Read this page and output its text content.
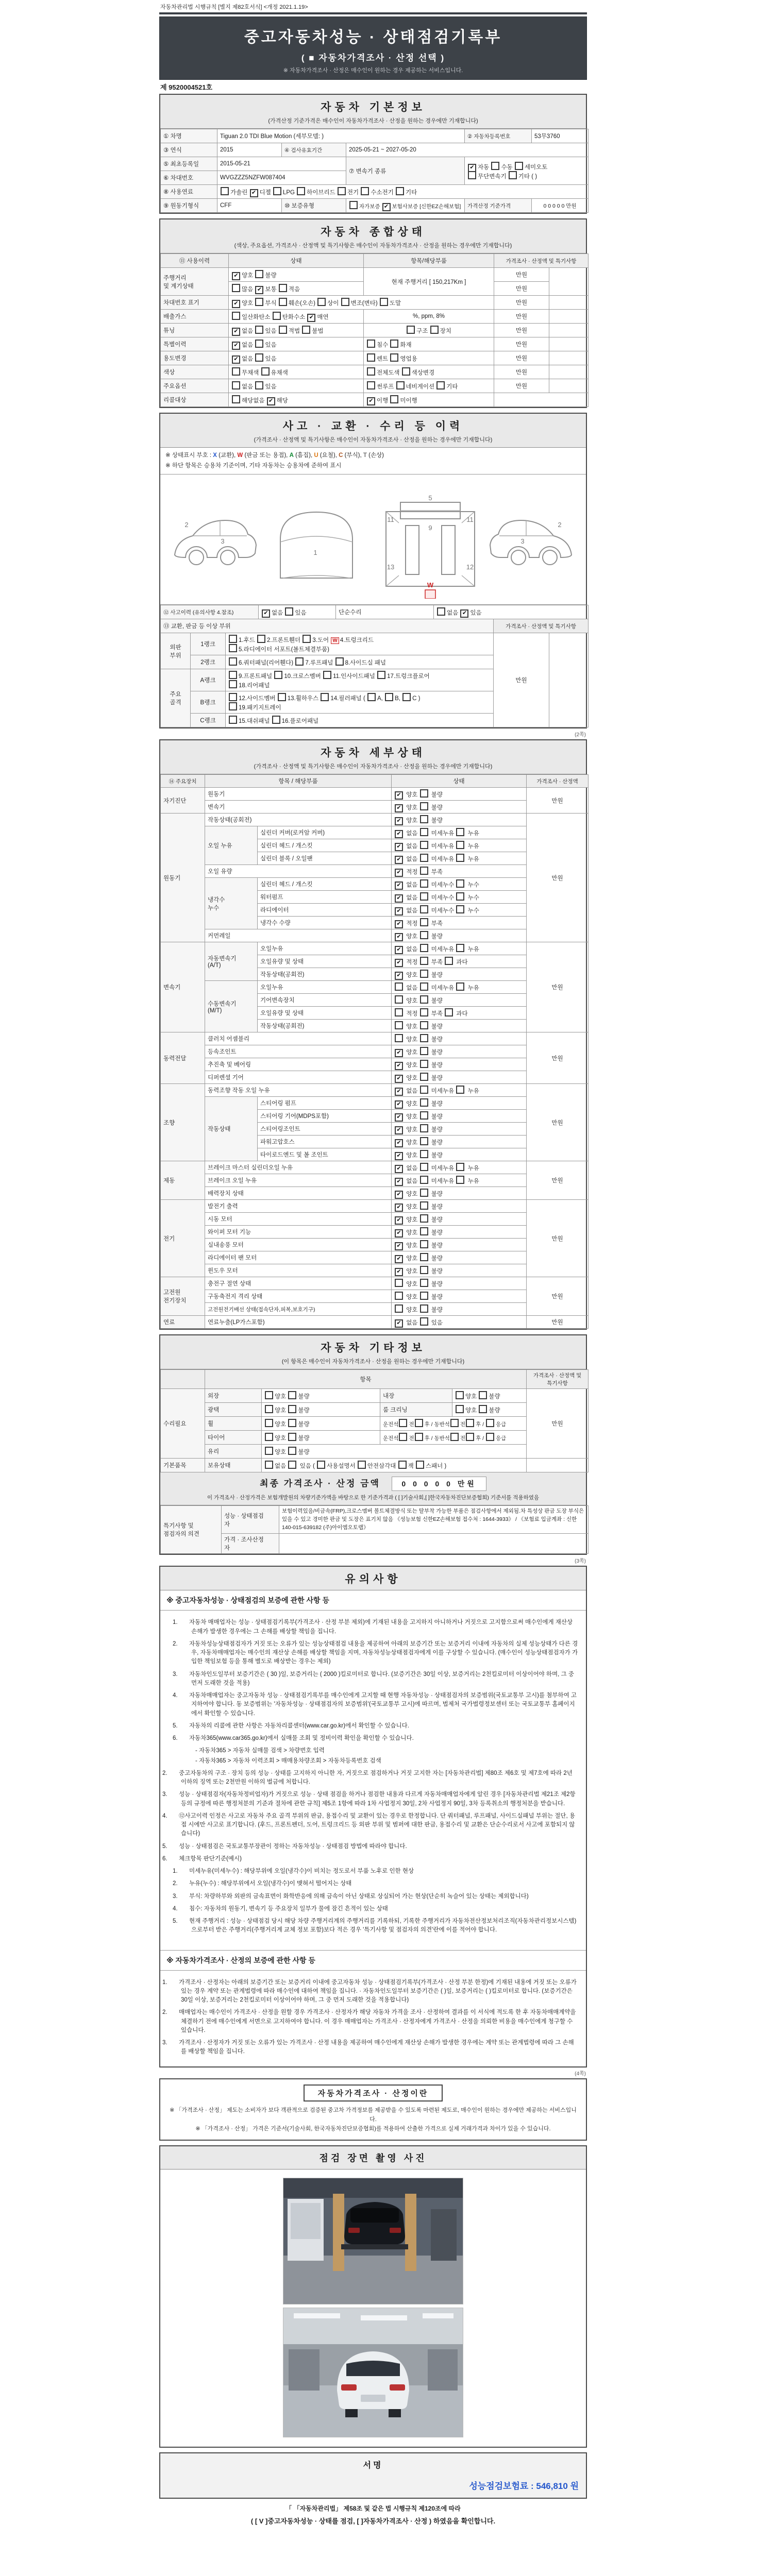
자동차관리법 시행규칙 [별지 제82호서식] <개정 2021.1.19>
중고자동차성능 · 상태점검기록부
( ■ 자동차가격조사 · 산정 선택 )
※ 자동차가격조사 · 산정은 매수인이 원하는 경우 제공하는 서비스입니다.
제 9520004521호
자동차 기본정보
(가격산정 기준가격은 매수인이 자동차가격조사 · 산정을 원하는 경우에만 기재합니다)
① 차명	Tiguan 2.0 TDI Blue Motion (세부모델: )			② 자동차등록번호	53무3760
③ 연식	2015	④ 검사유효기간	2025-05-21 ~ 2027-05-20		
⑤ 최초등록일	2015-05-21		⑦ 변속기 종류	✔ 자동 수동 세미오토
무단변속기 기타 ( )	
⑥ 차대번호	WVGZZZ5NZFW087404				
⑧ 사용연료	가솔린 ✔ 디젤 LPG 하이브리드 전기 수소전기 기타				
⑨ 원동기형식	CFF	⑩ 보증유형	자가보증 ✔ 보험사보증 [신한EZ손해보험]	가격산정 기준가격	0 0 0 0 0 만원
자동차 종합상태
(색상, 주요옵션, 가격조사 · 산정액 및 특기사항은 매수인이 자동차가격조사 · 산정을 원하는 경우에만 기재합니다)
⑪ 사용이력	상태	항목/해당부품	가격조사 · 산정액 및 특기사항	
주행거리
및 계기상태	✔ 양호 불량	현재 주행거리 [ 150,217Km ]	만원	
	많음 ✔ 보통 적음		만원	
차대번호 표기	✔ 양호 부식 훼손(오손) 상이 변조(변타) 도말		만원	
배출가스	일산화탄소 탄화수소 ✔ 매연	%, ppm, 8%	만원	
튜닝	✔ 없음 있음 적법 불법	구조 장치	만원	
특별이력	✔ 없음 있음	침수 화재	만원	
용도변경	✔ 없음 있음	렌트 영업용	만원	
색상	무채색 유채색	전체도색 색상변경	만원	
주요옵션	없음 있음	썬루프 네비게이션 기타	만원	
리콜대상	해당없음 ✔ 해당	✔ 이행 미이행		
사고 · 교환 · 수리 등 이력
(가격조사 · 산정액 및 특기사항은 매수인이 자동차가격조사 · 산정을 원하는 경우에만 기재합니다)
※ 상태표시 부호 : X (교환), W (판금 또는 용접), A (흠집), U (요철), C (부식), T (손상)
※ 하단 항목은 승용차 기준이며, 기타 자동차는 승용차에 준하여 표시
2
3
1
5
9
11	11
13	12
W
2
3
⑫ 사고이력 (유의사항 4.참조)	✔ 없음 있음	단순수리	없음 ✔ 있음
⑬ 교환, 판금 등 이상 부위			가격조사 · 산정액 및 특기사항	
외판
부위	1랭크	1.후드 2.프론트휀더 3.도어 W 4.트렁크리드
5.라디에이터 서포트(볼트체결부품)	만원	
	2랭크	6.쿼터패널(리어휀다) 7.루프패널 8.사이드실 패널		
주요
골격	A랭크	9.프론트패널 10.크로스멤버 11.인사이드패널 17.트렁크플로어
18.리어패널		
	B랭크	12.사이드멤버 13.휠하우스 14.필러패널 ( A, B, C )
19.패키지트레이		
	C랭크	15.대쉬패널 16.플로어패널		
(2쪽)
자동차 세부상태
(가격조사 · 산정액 및 특기사항은 매수인이 자동차가격조사 · 산정을 원하는 경우에만 기재합니다)
⑭ 주요장치	항목 / 해당부품		상태	가격조사 · 산정액
자기진단	원동기		✔ 양호  불량	만원
	변속기		✔ 양호  불량	
원동기	작동상태(공회전)		✔ 양호  불량	만원
	오일 누유	실린더 커버(로커암 커버)	✔ 없음  미세누유  누유	
		실린더 헤드 / 개스킷	✔ 없음  미세누유  누유	
		실린더 블록 / 오일팬	✔ 없음  미세누유  누유	
	오일 유량		✔ 적정  부족	
	냉각수
누수	실린더 헤드 / 개스킷	✔ 없음  미세누수  누수	
		워터펌프	✔ 없음  미세누수  누수	
		라디에이터	✔ 없음  미세누수  누수	
		냉각수 수량	✔ 적정  부족	
	커먼레일		✔ 양호  불량	
변속기	자동변속기
(A/T)	오일누유	✔ 없음  미세누유  누유	만원
		오일유량 및 상태	✔ 적정  부족  과다	
		작동상태(공회전)	✔ 양호  불량	
	수동변속기
(M/T)	오일누유	없음  미세누유  누유	
		기어변속장치	양호  불량	
		오일유량 및 상태	적정  부족  과다	
		작동상태(공회전)	양호  불량	
동력전달	클러치 어셈블리		양호  불량	만원
	등속조인트		✔ 양호  불량	
	추진축 및 베어링		✔ 양호  불량	
	디퍼렌셜 기어		✔ 양호  불량	
조향	동력조향 작동 오일 누유		✔ 없음  미세누유  누유	만원
	작동상태	스티어링 펌프	✔ 양호  불량	
		스티어링 기어(MDPS포함)	✔ 양호  불량	
		스티어링조인트	✔ 양호  불량	
		파워고압호스	✔ 양호  불량	
		타이로드엔드 및 볼 조인트	✔ 양호  불량	
제동	브레이크 마스터 실린더오일 누유		✔ 없음  미세누유  누유	만원
	브레이크 오일 누유		✔ 없음  미세누유  누유	
	배력장치 상태		✔ 양호  불량	
전기	발전기 출력		✔ 양호  불량	만원
	시동 모터		✔ 양호  불량	
	와이퍼 모터 기능		✔ 양호  불량	
	실내송풍 모터		✔ 양호  불량	
	라디에이터 팬 모터		✔ 양호  불량	
	윈도우 모터		✔ 양호  불량	
고전원
전기장치	충전구 절연 상태		양호  불량	만원
	구동축전지 격리 상태		양호  불량	
	고전원전기배선 상태(접속단자,피복,보호기구)		양호  불량	
연료	연료누출(LP가스포함)		✔ 없음  있음	만원
자동차 기타정보
(이 항목은 매수인이 자동차가격조사 · 산정을 원하는 경우에만 기재합니다)
	항목				가격조사 · 산정액 및 특기사항
수리필요	외장	양호 불량	내장	양호 불량	만원
	광택	양호 불량	룸 크리닝	양호 불량	
	휠	양호 불량	운전석 전 후 / 동반석 전 후 / 응급		
	타이어	양호 불량	운전석 전 후 / 동반석 전 후 / 응급		
	유리	양호 불량			
기본품목	보유상태	없음  있음 ( 사용설명서 안전삼각대 잭 스패너 )			
최종 가격조사 · 산정 금액	0 0 0 0 0 만원
이 가격조사 · 산정가격은 보험개발원의 차량기준가액을 바탕으로 한 기준가격과 ( [ ]기술사회,[ ]한국자동차진단보증협회) 기준서를 적용하였음
특기사항 및
점검자의 의견	성능 · 상태점검
자	보험이력있음/비금속(FRP),크로스멤버 볼트체결방식 또는 탈부착 가능한 부품은 점검사항에서 제외됨.차 특성상 판금 도장 부식은 있을 수 있고 경미한 판금 및 도장은 표기치 않음 《성능보험 신한EZ손해보험 접수처 : 1644-3933》 / 《보험료 입금계좌 : 신한 140-015-639182 (주)아이엠오토랩》
	가격 · 조사산정
자	
(3쪽)
유의사항
※ 중고자동차성능 · 상태점검의 보증에 관한 사항 등
1.자동차 매매업자는 성능 · 상태점검기록부(가격조사 · 산정 부분 제외)에 기재된 내용을 고지하지 아니하거나 거짓으로 고지함으로써 매수인에게 재산상 손해가 발생한 경우에는 그 손해를 배상할 책임을 집니다.
2.자동차성능상태점검자가 거짓 또는 오류가 있는 성능상태점검 내용을 제공하여 아래의 보증기간 또는 보증거리 이내에 자동차의 실제 성능상태가 다른 경우, 자동차매매업자는 매수인의 재산상 손해를 배상할 책임을 지며, 자동차성능상태점검자에게 이를 구상할 수 있습니다. (매수인이 성능상태점검자가 가입한 책임보험 등을 통해 별도로 배상받는 경우는 제외)
3.자동차인도일부터 보증기간은 ( 30 )일, 보증거리는 ( 2000 )킬로미터로 합니다. (보증기간은 30일 이상, 보증거리는 2천킬로미터 이상이어야 하며, 그 중 먼저 도래한 것을 적용)
4.자동차매매업자는 중고자동차 성능 · 상태점검기록부를 매수인에게 고지할 때 현행 자동차성능 · 상태점검자의 보증범위(국토교통부 고시)를 첨부하여 고지하여야 합니다. 동 보증범위는 '자동차성능 · 상태점검자의 보증범위'(국토교통부 고시)에 따르며, 법제처 국가법령정보센터 또는 국토교통부 홈페이지에서 확인할 수 있습니다.
5.자동차의 리콜에 관한 사항은 자동차리콜센터(www.car.go.kr)에서 확인할 수 있습니다.
6.자동차365(www.car365.go.kr)에서 실매물 조회 및 정비이력 확인을 확인할 수 있습니다.
- 자동차365 > 자동차 실매물 검색 > 차량번호 입력
- 자동차365 > 자동차 이력조회 > 매매용차량조회 > 자동차등록번호 검색
2.중고자동차의 구조 · 장치 등의 성능 · 상태를 고지하지 아니한 자, 거짓으로 점검하거나 거짓 고지한 자는 [자동차관리법] 제80조 제6호 및 제7호에 따라 2년 이하의 징역 또는 2천만원 이하의 벌금에 처합니다.
3.성능 · 상태점검자(자동차정비업자)가 거짓으로 성능 · 상태 점검을 하거나 점검한 내용과 다르게 자동차매매업자에게 알린 경우 [자동차관리법 제21조 제2항 등의 규정에 따른 행정처분의 기준과 절차에 관한 규칙] 제5조 1항에 따라 1차 사업정지 30일, 2차 사업정지 90일, 3차 등록취소의 행정처분을 받습니다.
4.⑫사고이력 인정은 사고로 자동차 주요 골격 부위의 판금, 용접수리 및 교환이 있는 경우로 한정합니다. 단 쿼터패널, 루프패널, 사이드실패널 부위는 절단, 용접 시에만 사고로 표기합니다. (후드, 프론트펜더, 도어, 트렁크리드 등 외판 부위 및 범퍼에 대한 판금, 용접수리 및 교환은 단순수리로서 사고에 포함되지 않습니다)
5.성능 · 상태점검은 국토교통부장관이 정하는 자동차성능 · 상태점검 방법에 따라야 합니다.
6.체크항목 판단기준(예시)
1.미세누유(미세누수) : 해당부위에 오일(냉각수)이 비치는 정도로서 부품 노후로 인한 현상
2.누유(누수) : 해당부위에서 오일(냉각수)이 맺혀서 떨어지는 상태
3.부식: 차량하부와 외판의 금속표면이 화학반응에 의해 금속이 아닌 상태로 상실되어 가는 현상(단순히 녹슬어 있는 상태는 제외합니다)
4.침수: 자동차의 원동기, 변속기 등 주요장치 일부가 물에 잠긴 흔적이 있는 상태
5.현재 주행거리 : 성능 · 상태점검 당시 해당 차량 주행거리계의 주행거리를 기록하되, 기록한 주행거리가 자동차전산정보처리조직(자동차관리정보시스템)으로부터 받은 주행거리(주행거리계 교체 정보 포함)보다 적은 경우 '특기사항 및 점검자의 의견'란에 이를 적어야 합니다.
※ 자동차가격조사 · 산정의 보증에 관한 사항 등
1.가격조사 · 산정자는 아래의 보증기간 또는 보증거리 이내에 중고자동차 성능 · 상태점검기록부(가격조사 · 산정 부분 한정)에 기재된 내용에 거짓 또는 오류가 있는 경우 계약 또는 관계법령에 따라 매수인에 대하여 책임을 집니다. · 자동차인도일부터 보증기간은 ( )일, 보증거리는 ( )킬로미터로 합니다. (보증기간은 30일 이상, 보증거리는 2천킬로미터 이상이어야 하며, 그 중 먼저 도래한 것을 적용합니다)
2.매매업자는 매수인이 가격조사 · 산정을 원할 경우 가격조사 · 산정자가 해당 자동차 가격을 조사 · 산정하여 결과를 이 서식에 적도록 한 후 자동차매매계약을 체결하기 전에 매수인에게 서면으로 고지하여야 합니다. 이 경우 매매업자는 가격조사 · 산정자에게 가격조사 · 산정을 의뢰한 비용을 매수인에게 청구할 수 있습니다.
3.가격조사 · 산정자가 거짓 또는 오류가 있는 가격조사 · 산정 내용을 제공하여 매수인에게 재산상 손해가 발생한 경우에는 계약 또는 관계법령에 따라 그 손해를 배상할 책임을 집니다.
(4쪽)
자동차가격조사 · 산정이란
※ 「가격조사 · 산정」 제도는 소비자가 보다 객관적으로 검증된 중고차 가격정보를 제공받을 수 있도록 마련된 제도로, 매수인이 원하는 경우에만 제공하는 서비스입니다.
※ 「가격조사 · 산정」 가격은 기준서(기술사회, 한국자동차진단보증협회)를 적용하여 산출한 가격으로 실제 거래가격과 차이가 있을 수 있습니다.
점검 장면 촬영 사진
서명
성능점검보험료 : 546,810 원
「 「자동차관리법」 제58조 및 같은 법 시행규칙 제120조에 따라
( [ V ]중고자동차성능 · 상태를 점검, [ ]자동차가격조사 · 산정 ) 하였음을 확인합니다.
